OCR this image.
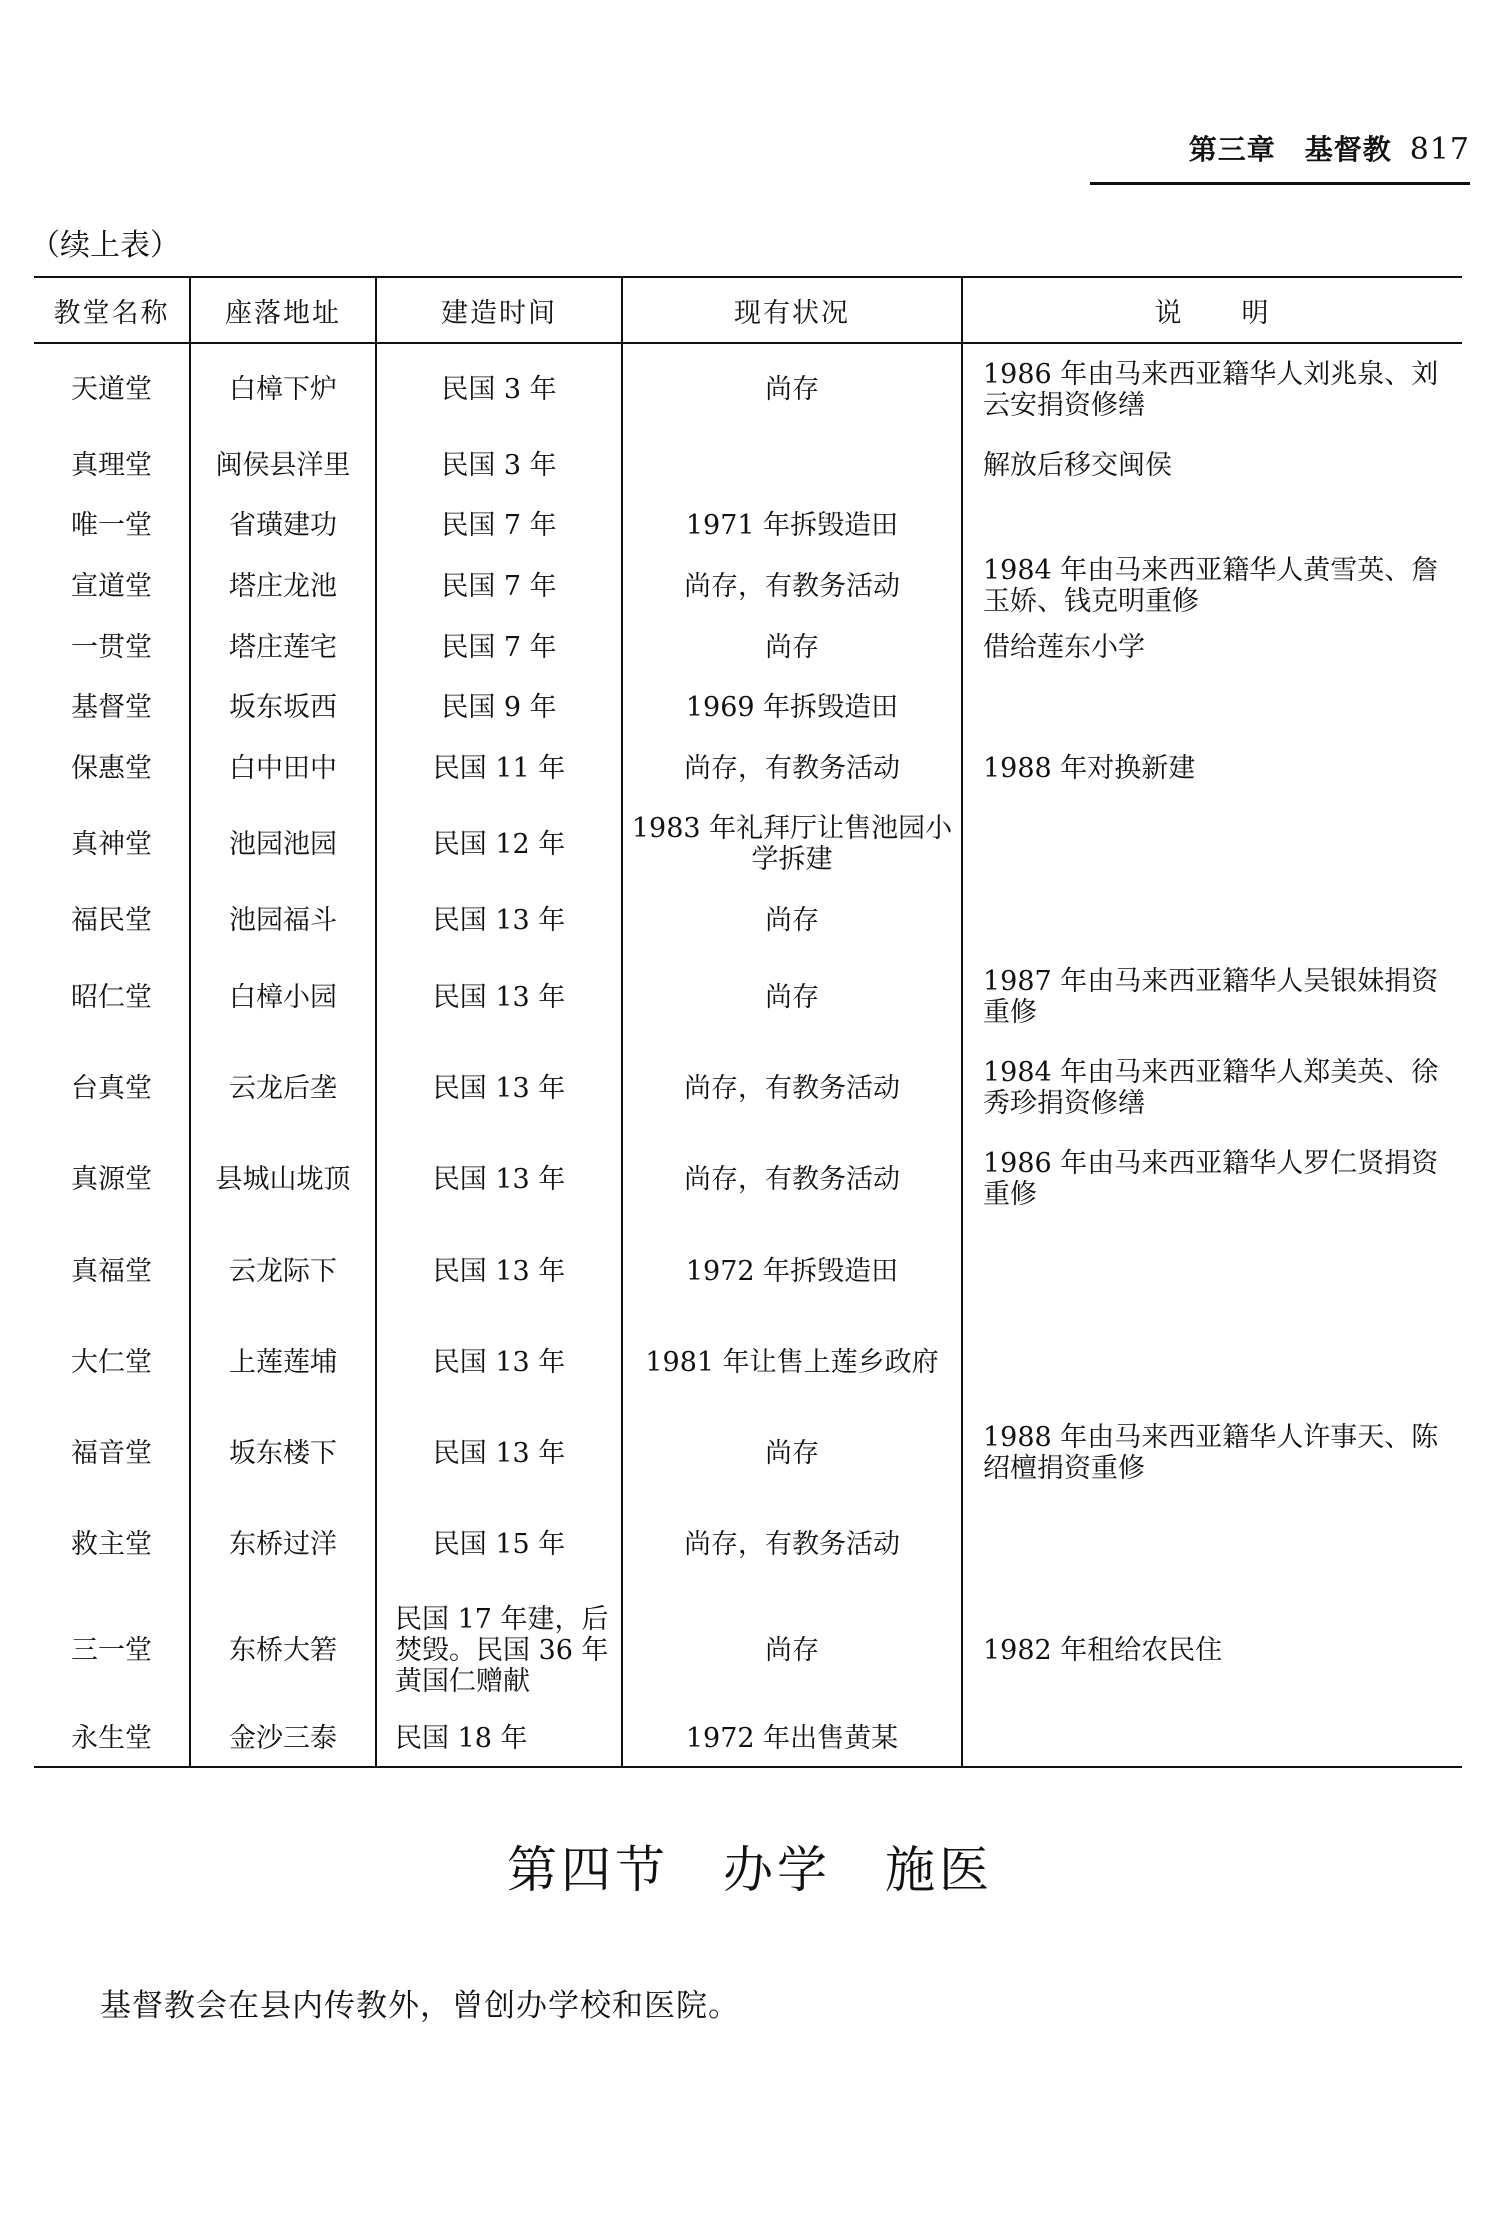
第三章　基督教 817
（续上表）
教堂名称	座落地址	建造时间	现有状况	说　　明
天道堂	白樟下炉	民国 3 年	尚存	1986 年由马来西亚籍华人刘兆泉、刘云安捐资修缮
真理堂	闽侯县洋里	民国 3 年		解放后移交闽侯
唯一堂	省璜建功	民国 7 年	1971 年拆毁造田	
宣道堂	塔庄龙池	民国 7 年	尚存，有教务活动	1984 年由马来西亚籍华人黄雪英、詹玉娇、钱克明重修
一贯堂	塔庄莲宅	民国 7 年	尚存	借给莲东小学
基督堂	坂东坂西	民国 9 年	1969 年拆毁造田	
保惠堂	白中田中	民国 11 年	尚存，有教务活动	1988 年对换新建
真神堂	池园池园	民国 12 年	1983 年礼拜厅让售池园小学拆建	
福民堂	池园福斗	民国 13 年	尚存	
昭仁堂	白樟小园	民国 13 年	尚存	1987 年由马来西亚籍华人吴银妹捐资重修
台真堂	云龙后垄	民国 13 年	尚存，有教务活动	1984 年由马来西亚籍华人郑美英、徐秀珍捐资修缮
真源堂	县城山垅顶	民国 13 年	尚存，有教务活动	1986 年由马来西亚籍华人罗仁贤捐资重修
真福堂	云龙际下	民国 13 年	1972 年拆毁造田	
大仁堂	上莲莲埔	民国 13 年	1981 年让售上莲乡政府	
福音堂	坂东楼下	民国 13 年	尚存	1988 年由马来西亚籍华人许事天、陈绍檀捐资重修
救主堂	东桥过洋	民国 15 年	尚存，有教务活动	
三一堂	东桥大箬	民国 17 年建，后焚毁。民国 36 年黄国仁赠献	尚存	1982 年租给农民住
永生堂	金沙三泰	民国 18 年	1972 年出售黄某	
第四节　办学　施医
基督教会在县内传教外，曾创办学校和医院。
